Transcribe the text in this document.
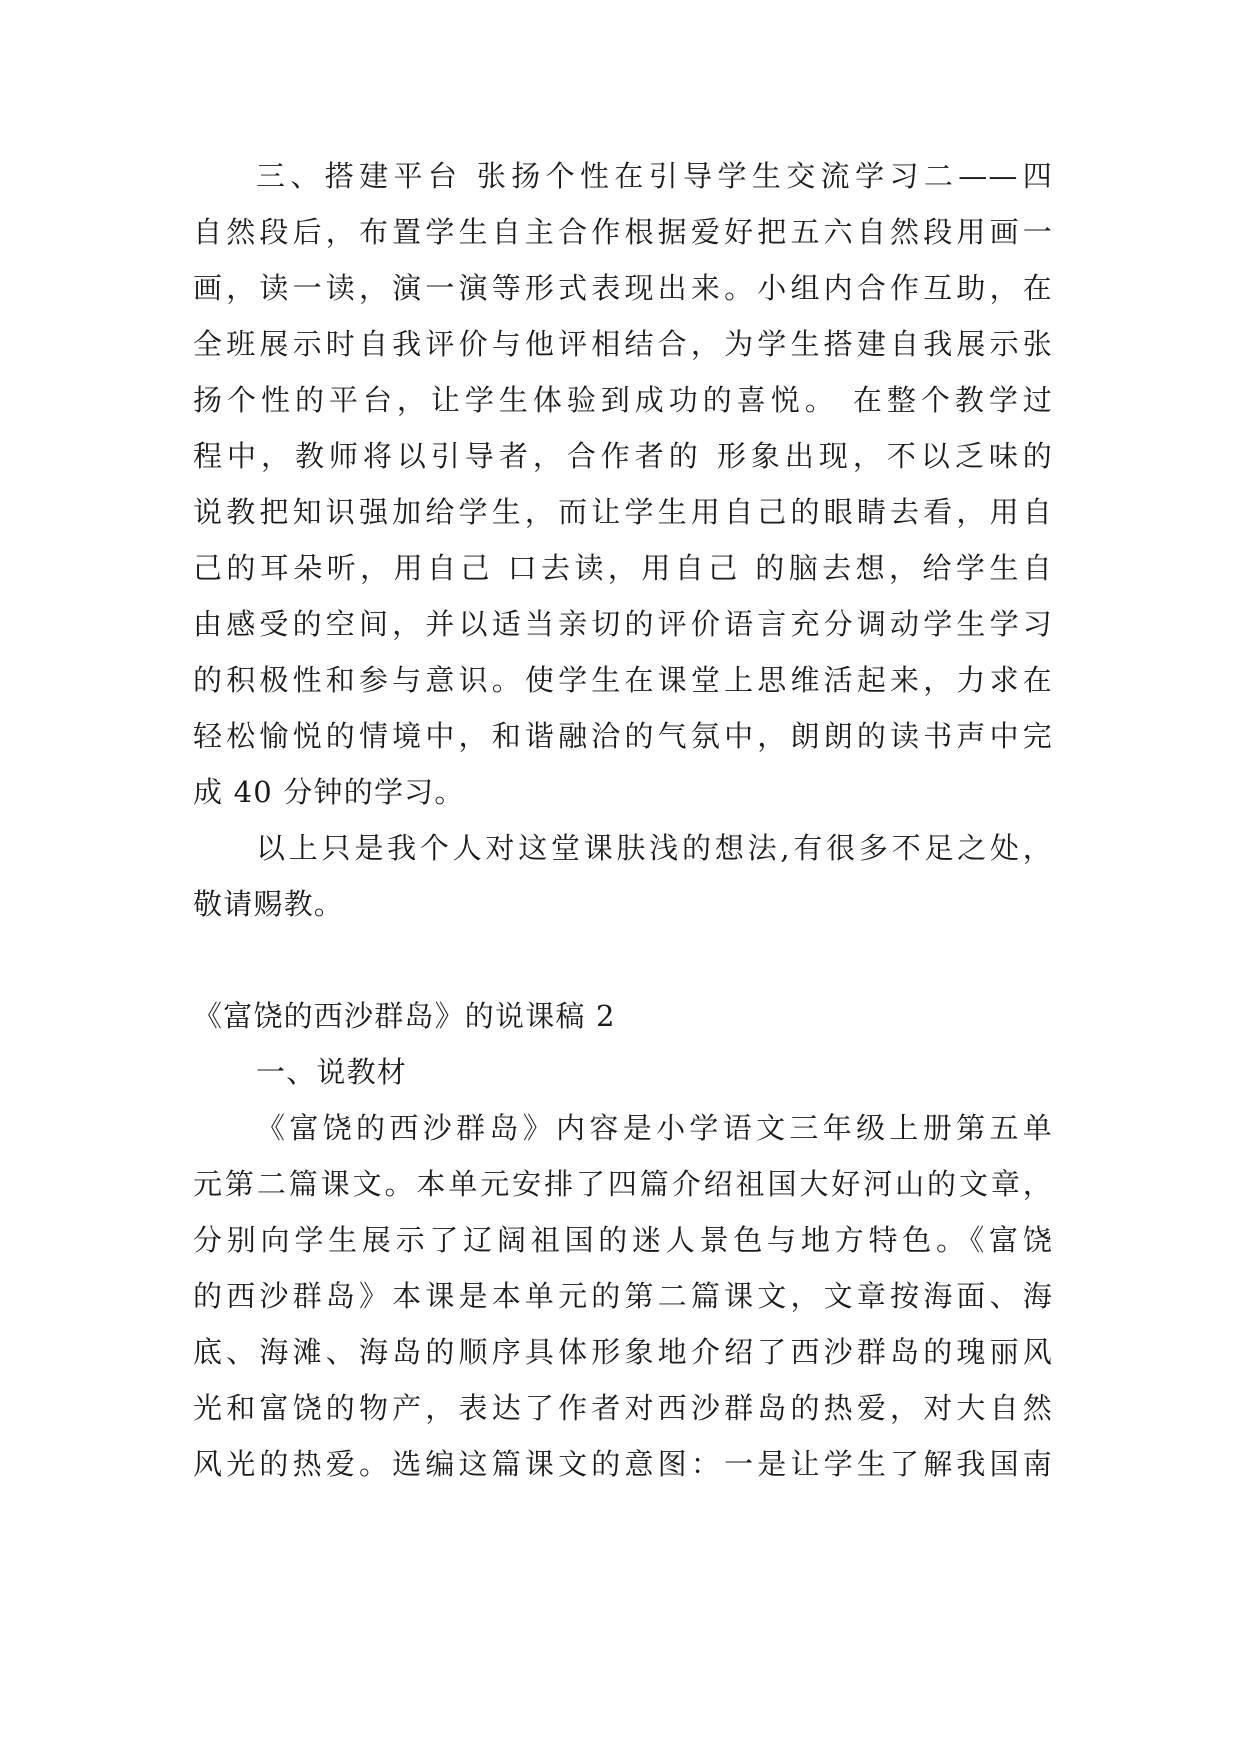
三、搭建平台 张扬个性在引导学生交流学习二——四
自然段后，布置学生自主合作根据爱好把五六自然段用画一
画，读一读，演一演等形式表现出来。小组内合作互助，在
全班展示时自我评价与他评相结合，为学生搭建自我展示张
扬个性的平台，让学生体验到成功的喜悦。 在整个教学过
程中，教师将以引导者，合作者的 形象出现，不以乏味的
说教把知识强加给学生，而让学生用自己的眼睛去看，用自
己的耳朵听，用自己 口去读，用自己 的脑去想，给学生自
由感受的空间，并以适当亲切的评价语言充分调动学生学习
的积极性和参与意识。使学生在课堂上思维活起来，力求在
轻松愉悦的情境中，和谐融洽的气氛中，朗朗的读书声中完
成 40 分钟的学习。
以上只是我个人对这堂课肤浅的想法,有很多不足之处，
敬请赐教。
《富饶的西沙群岛》的说课稿 2
一、说教材
《富饶的西沙群岛》内容是小学语文三年级上册第五单
元第二篇课文。本单元安排了四篇介绍祖国大好河山的文章，
分别向学生展示了辽阔祖国的迷人景色与地方特色。《富饶
的西沙群岛》本课是本单元的第二篇课文，文章按海面、海
底、海滩、海岛的顺序具体形象地介绍了西沙群岛的瑰丽风
光和富饶的物产，表达了作者对西沙群岛的热爱，对大自然
风光的热爱。选编这篇课文的意图：一是让学生了解我国南
